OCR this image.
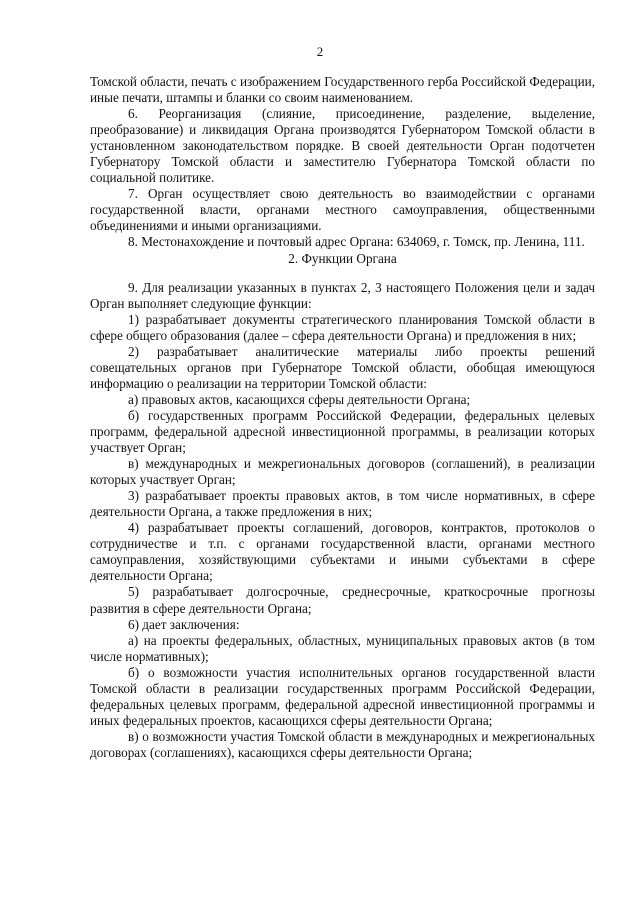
2

Томской области, печать с изображением Государственного герба Российской Федерации, иные печати, штампы и бланки со своим наименованием.

6. Реорганизация (слияние, присоединение, разделение, выделение, преобразование) и ликвидация Органа производятся Губернатором Томской области в установленном законодательством порядке. В своей деятельности Орган подотчетен Губернатору Томской области и заместителю Губернатора Томской области по социальной политике.

7. Орган осуществляет свою деятельность во взаимодействии с органами государственной власти, органами местного самоуправления, общественными объединениями и иными организациями.

8. Местонахождение и почтовый адрес Органа: 634069, г. Томск, пр. Ленина, 111.

2. Функции Органа

9. Для реализации указанных в пунктах 2, 3 настоящего Положения цели и задач Орган выполняет следующие функции:

1) разрабатывает документы стратегического планирования Томской области в сфере общего образования (далее – сфера деятельности Органа) и предложения в них;

2) разрабатывает аналитические материалы либо проекты решений совещательных органов при Губернаторе Томской области, обобщая имеющуюся информацию о реализации на территории Томской области:

а) правовых актов, касающихся сферы деятельности Органа;

б) государственных программ Российской Федерации, федеральных целевых программ, федеральной адресной инвестиционной программы, в реализации которых участвует Орган;

в) международных и межрегиональных договоров (соглашений), в реализации которых участвует Орган;

3) разрабатывает проекты правовых актов, в том числе нормативных, в сфере деятельности Органа, а также предложения в них;

4) разрабатывает проекты соглашений, договоров, контрактов, протоколов о сотрудничестве и т.п. с органами государственной власти, органами местного самоуправления, хозяйствующими субъектами и иными субъектами в сфере деятельности Органа;

5) разрабатывает долгосрочные, среднесрочные, краткосрочные прогнозы развития в сфере деятельности Органа;

6) дает заключения:

а) на проекты федеральных, областных, муниципальных правовых актов (в том числе нормативных);

б) о возможности участия исполнительных органов государственной власти Томской области в реализации государственных программ Российской Федерации, федеральных целевых программ, федеральной адресной инвестиционной программы и иных федеральных проектов, касающихся сферы деятельности Органа;

в) о возможности участия Томской области в международных и межрегиональных договорах (соглашениях), касающихся сферы деятельности Органа;
